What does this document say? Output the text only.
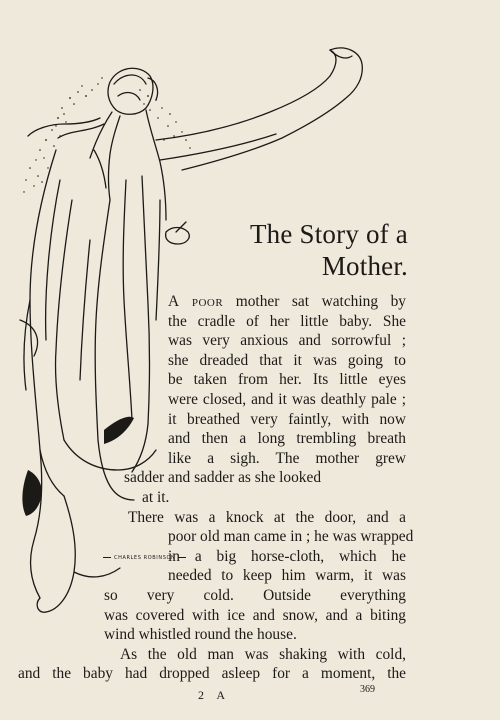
The Story of a
Mother.
A poor mother sat watching by
the cradle of her little baby. She
was very anxious and sorrowful ;
she dreaded that it was going to
be taken from her. Its little eyes
were closed, and it was deathly pale ;
it breathed very faintly, with now
and then a long trembling breath
like a sigh. The mother grew
sadder and sadder as she looked
at it.
There was a knock at the door, and a
poor old man came in ; he was wrapped
in a big horse-cloth, which he
needed to keep him warm, it was
so very cold. Outside everything
was covered with ice and snow, and a biting
wind whistled round the house.
As the old man was shaking with cold,
and the baby had dropped asleep for a moment, the
CHARLES ROBINSON
2 A	369
